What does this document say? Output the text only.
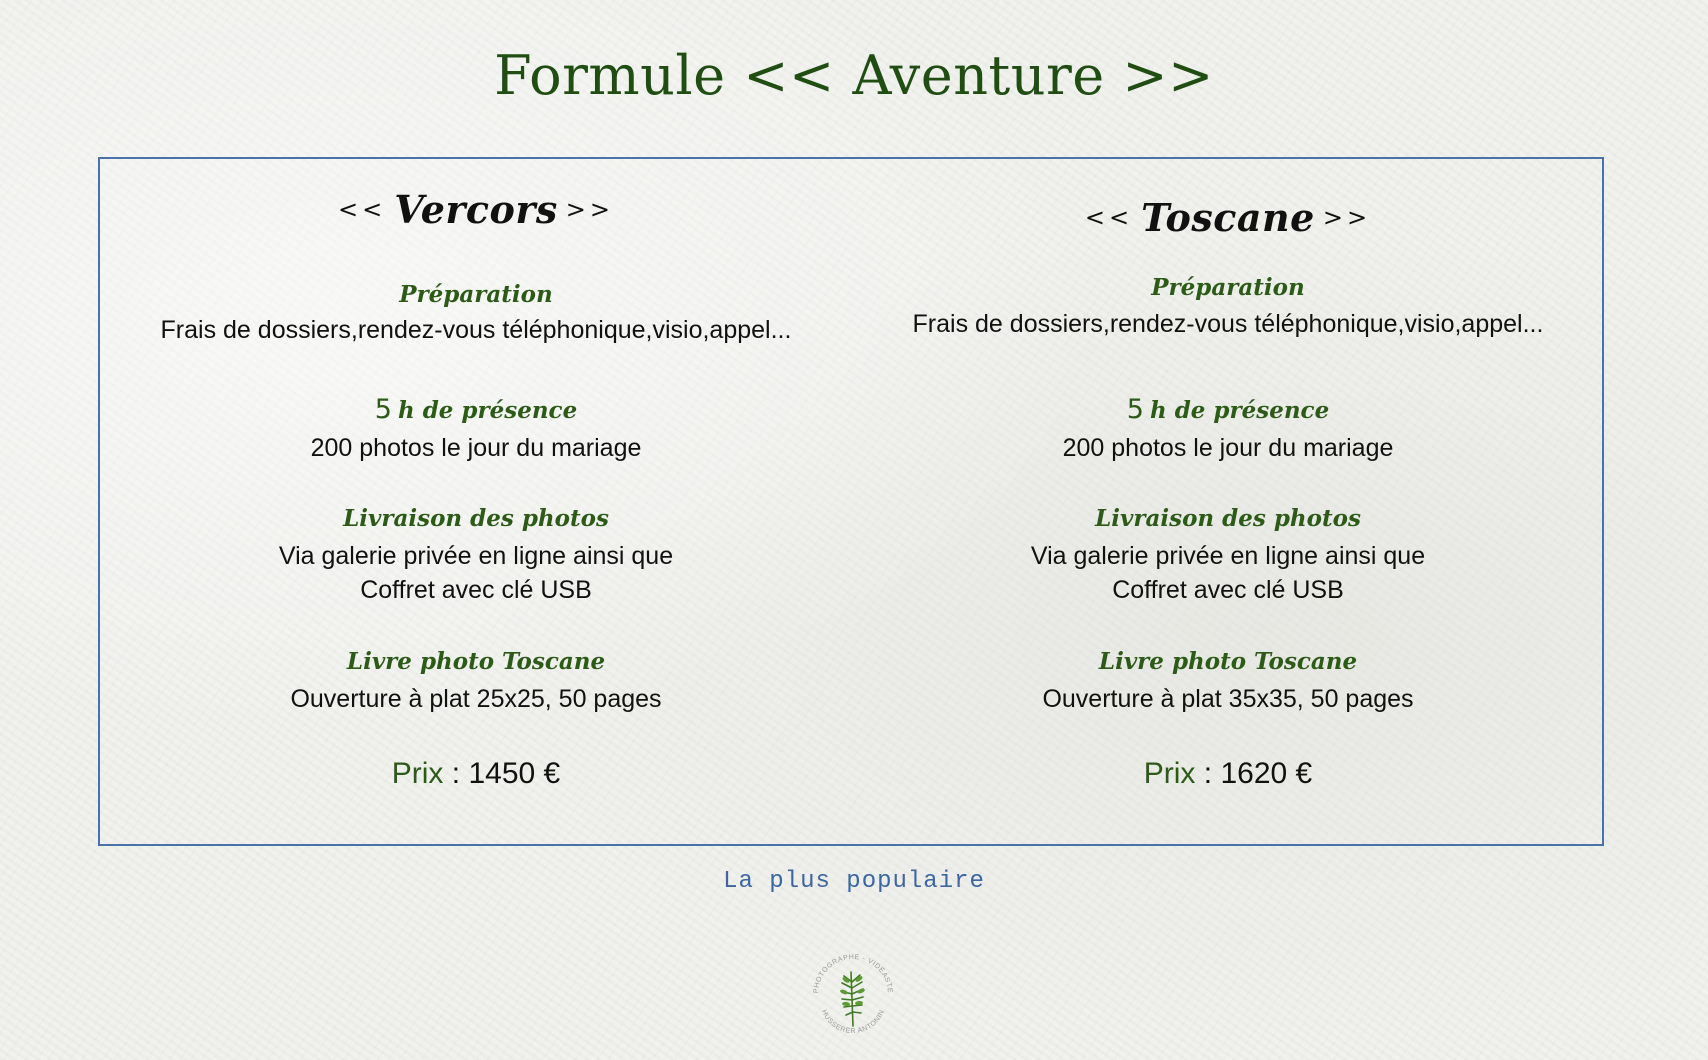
Formule << Aventure >>
<< Vercors >>
Préparation
Frais de dossiers,rendez-vous téléphonique,visio,appel...
5 h de présence
200 photos le jour du mariage
Livraison des photos
Via galerie privée en ligne ainsi que
Coffret avec clé USB
Livre photo Toscane
Ouverture à plat 25x25, 50 pages
Prix : 1450 €
<< Toscane >>
Préparation
Frais de dossiers,rendez-vous téléphonique,visio,appel...
5 h de présence
200 photos le jour du mariage
Livraison des photos
Via galerie privée en ligne ainsi que
Coffret avec clé USB
Livre photo Toscane
Ouverture à plat 35x35, 50 pages
Prix : 1620 €
La plus populaire
PHOTOGRAPHE - VIDÉASTE
HUSSERER ANTONIN
